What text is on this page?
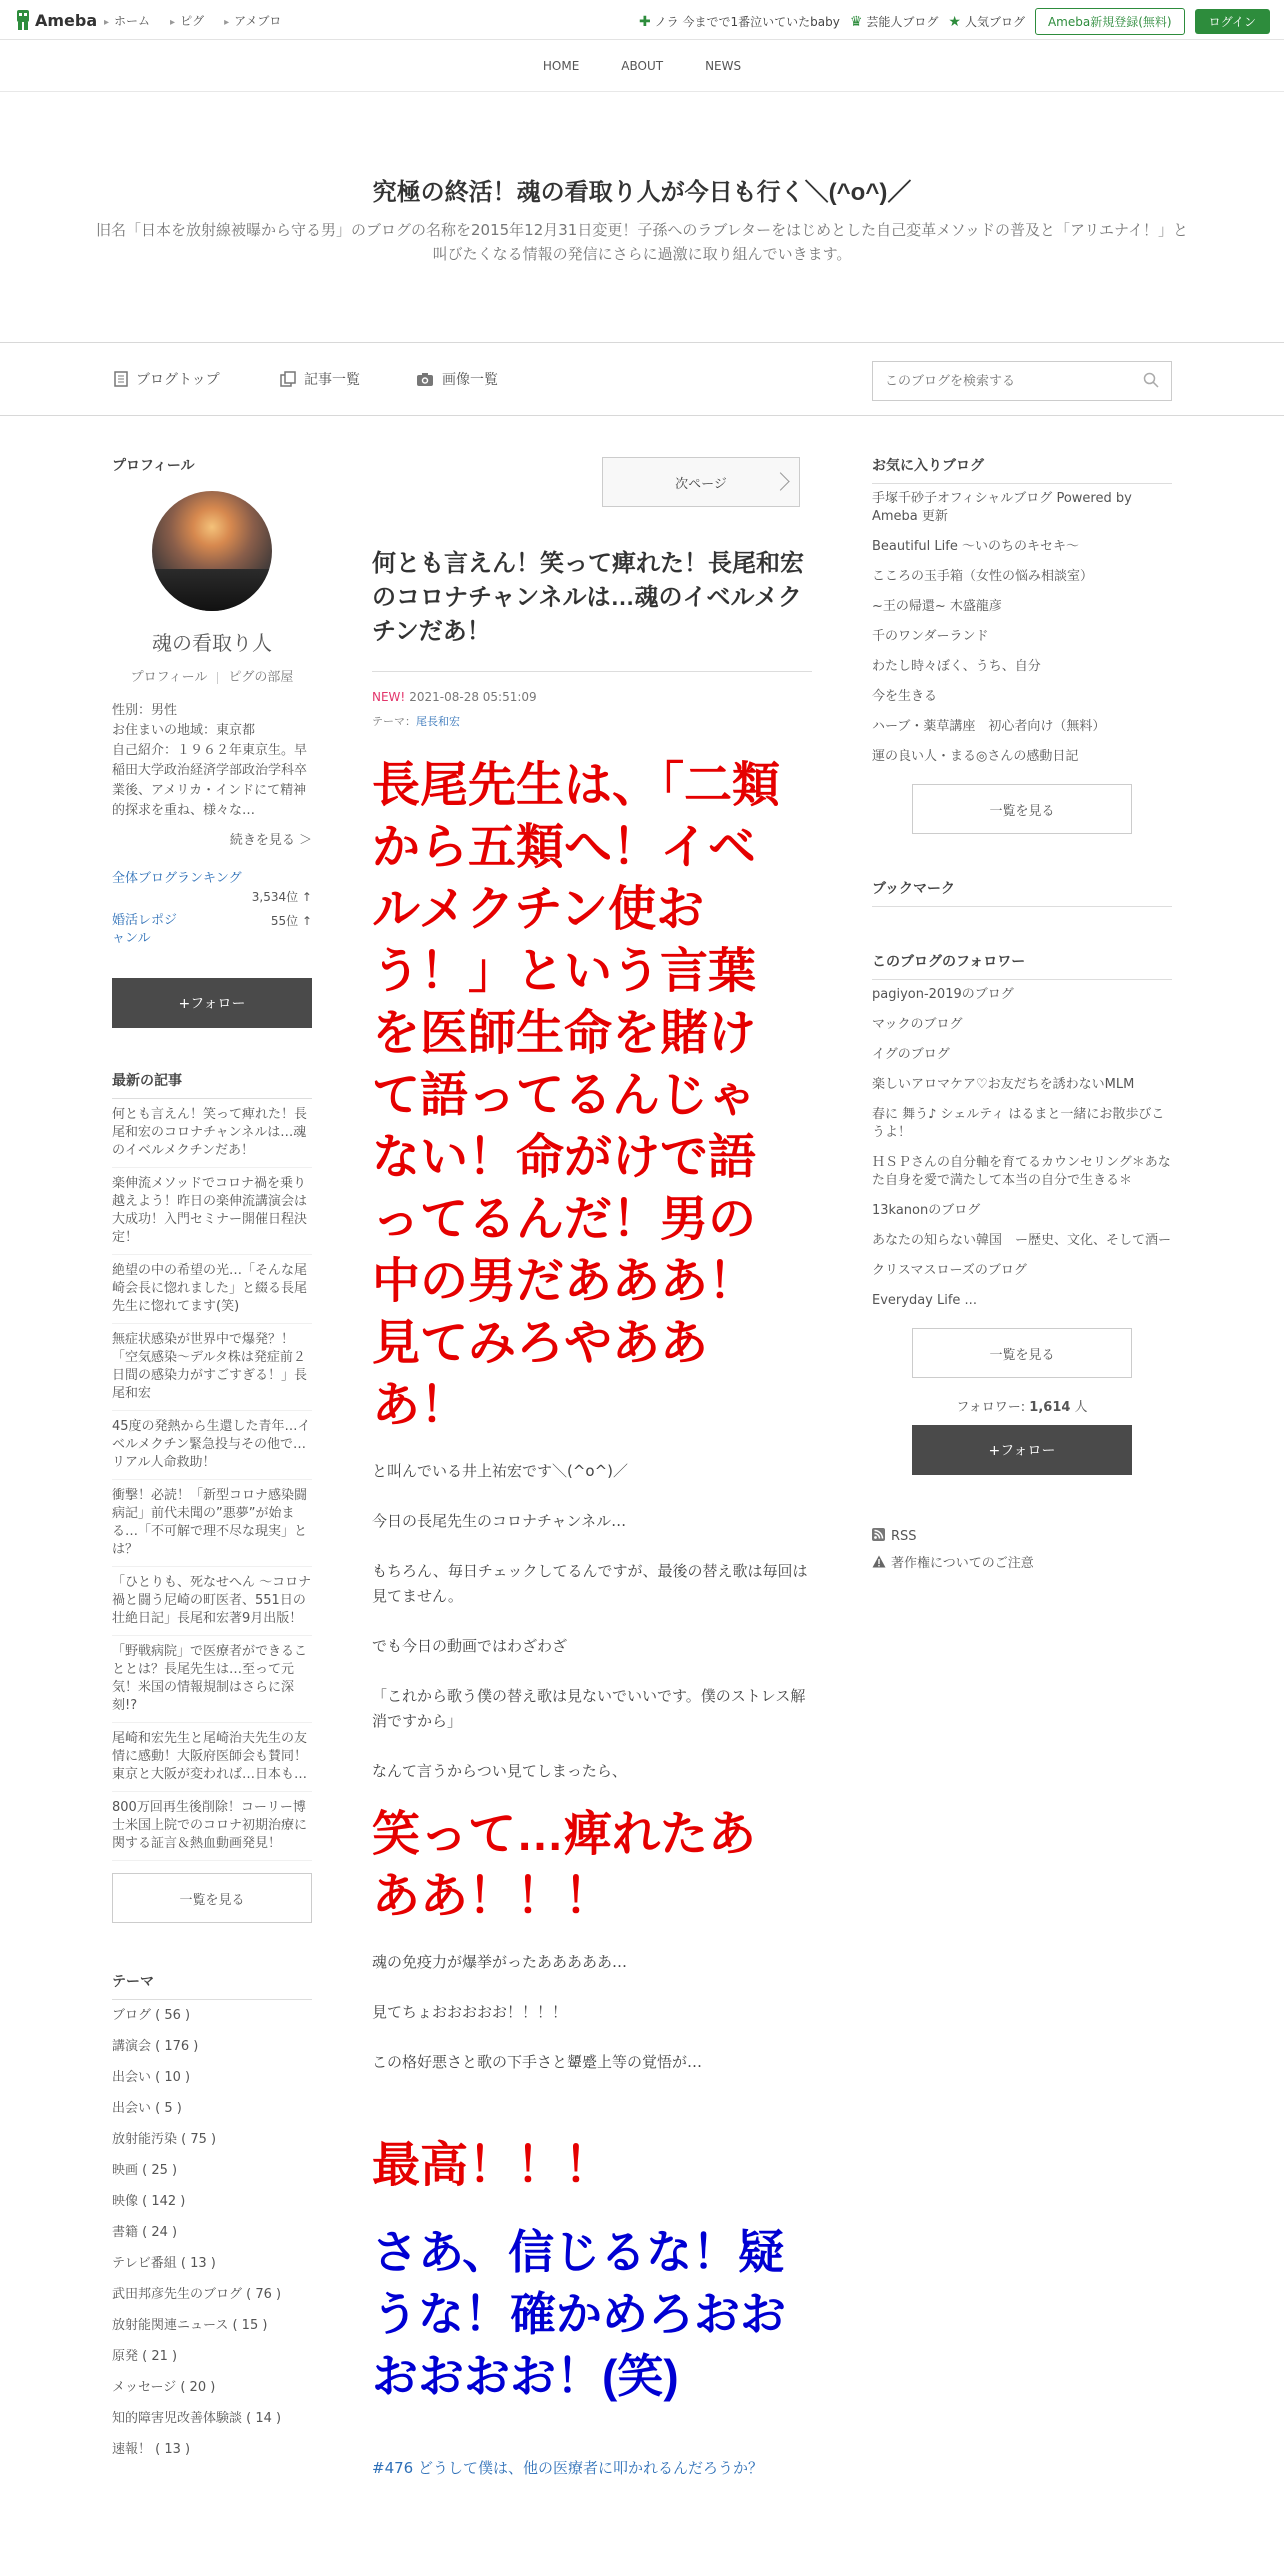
Ameba	▸ ホーム	▸ ピグ	▸ アメブロ	✚ ノラ 今までで1番泣いていたbaby ♛ 芸能人ブログ ★ 人気ブログ	Ameba新規登録(無料)	ログイン
HOME	ABOUT	NEWS
究極の終活！魂の看取り人が今日も行く＼(^o^)／
旧名「日本を放射線被曝から守る男」のブログの名称を2015年12月31日変更！子孫へのラブレターをはじめとした自己変革メソッドの普及と「アリエナイ！」と叫びたくなる情報の発信にさらに過激に取り組んでいきます。
ブログトップ	記事一覧	画像一覧
このブログを検索する
プロフィール
魂の看取り人
プロフィール ピグの部屋
性別：男性
お住まいの地域：東京都
自己紹介：１９６２年東京生。早稲田大学政治経済学部政治学科卒業後、アメリカ・インドにて精神的探求を重ね、様々な…
続きを見る ＞
全体ブログランキング
3,534位 ↑
婚活レポジャンル
55位 ↑
+フォロー
最新の記事
何とも言えん！笑って痺れた！長尾和宏のコロナチャンネルは…魂のイベルメクチンだあ！
楽伸流メソッドでコロナ禍を乗り越えよう！昨日の楽伸流講演会は大成功！入門セミナー開催日程決定！
絶望の中の希望の光…「そんな尾崎会長に惚れました」と綴る長尾先生に惚れてます(笑)
無症状感染が世界中で爆発？！「空気感染～デルタ株は発症前２日間の感染力がすごすぎる！」長尾和宏
45度の発熱から生還した青年…イベルメクチン緊急投与その他で…リアル人命救助！
衝撃！必読！「新型コロナ感染闘病記」前代未聞の”悪夢”が始まる…「不可解で理不尽な現実」とは？
「ひとりも、死なせへん ～コロナ禍と闘う尼崎の町医者、551日の壮絶日記」長尾和宏著9月出版！
「野戦病院」で医療者ができることとは？長尾先生は…至って元気！米国の情報規制はさらに深刻!?
尾崎和宏先生と尾崎治夫先生の友情に感動！大阪府医師会も賛同！東京と大阪が変われば…日本も…
800万回再生後削除！コーリー博士米国上院でのコロナ初期治療に関する証言＆熱血動画発見！
一覧を見る
テーマ
ブログ ( 56 )
講演会 ( 176 )
出会い ( 10 )
出会い ( 5 )
放射能汚染 ( 75 )
映画 ( 25 )
映像 ( 142 )
書籍 ( 24 )
テレビ番組 ( 13 )
武田邦彦先生のブログ ( 76 )
放射能関連ニュース ( 15 )
原発 ( 21 )
メッセージ ( 20 )
知的障害児改善体験談 ( 14 )
速報！ ( 13 )
次ページ
何とも言えん！笑って痺れた！長尾和宏のコロナチャンネルは…魂のイベルメクチンだあ！
NEW! 2021-08-28 05:51:09
テーマ：尾長和宏
長尾先生は、「二類から五類へ！イベルメクチン使おう！」という言葉を医師生命を賭けて語ってるんじゃない！命がけで語ってるんだ！男の中の男だあああ！見てみろやあああ！
と叫んでいる井上祐宏です＼(^o^)／
今日の長尾先生のコロナチャンネル…
もちろん、毎日チェックしてるんですが、最後の替え歌は毎回は見てません。
でも今日の動画ではわざわざ
「これから歌う僕の替え歌は見ないでいいです。僕のストレス解消ですから」
なんて言うからつい見てしまったら、
笑って…痺れたあああ！！！
魂の免疫力が爆挙がったあああああ…
見てちょおおおおお！！！！
この格好悪さと歌の下手さと顰蹙上等の覚悟が…
最高！！！
さあ、信じるな！疑うな！確かめろおおおおおお！(笑)
#476 どうして僕は、他の医療者に叩かれるんだろうか？
お気に入りブログ
手塚千砂子オフィシャルブログ Powered by Ameba 更新
Beautiful Life 〜いのちのキセキ〜
こころの玉手箱（女性の悩み相談室）
~王の帰還~ 木盛龍彦
千のワンダーランド
わたし時々ぼく、うち、自分
今を生きる
ハーブ・薬草講座　初心者向け（無料）
運の良い人・まる◎さんの感動日記
一覧を見る
ブックマーク
このブログのフォロワー
pagiyon-2019のブログ
マックのブログ
イグのブログ
楽しいアロマケア♡お友だちを誘わないMLM
春に 舞う♪ シェルティ はるまと一緒にお散歩びこうよ！
ＨＳＰさんの自分軸を育てるカウンセリング＊あなた自身を愛で満たして本当の自分で生きる＊
13kanonのブログ
あなたの知らない韓国　ー歴史、文化、そして酒ー
クリスマスローズのブログ
Everyday Life ...
一覧を見る
フォロワー: 1,614 人
+フォロー
RSS
著作権についてのご注意
